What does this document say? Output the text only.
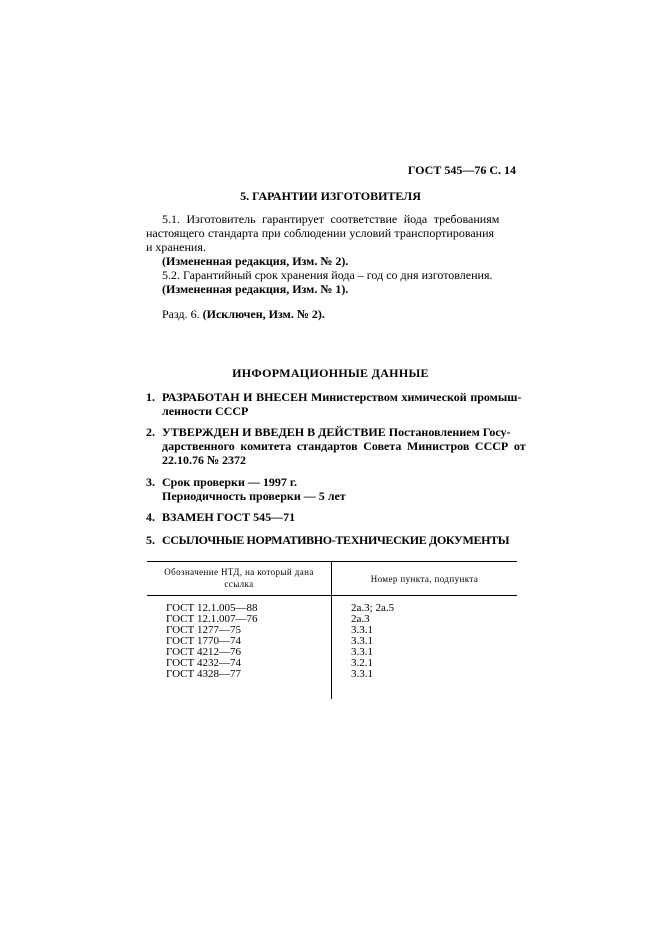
ГОСТ 545—76 С. 14
5. ГАРАНТИИ ИЗГОТОВИТЕЛЯ
5.1. Изготовитель гарантирует соответствие йода требованиям
настоящего стандарта при соблюдении условий транспортирования
и хранения.
(Измененная редакция, Изм. № 2).
5.2. Гарантийный срок хранения йода – год со дня изготовления.
(Измененная редакция, Изм. № 1).
Разд. 6. (Исключен, Изм. № 2).
ИНФОРМАЦИОННЫЕ ДАННЫЕ
1. РАЗРАБОТАН И ВНЕСЕН Министерством химической промыш-
ленности СССР
2. УТВЕРЖДЕН И ВВЕДЕН В ДЕЙСТВИЕ Постановлением Госу-
дарственного комитета стандартов Совета Министров СССР от
22.10.76 № 2372
3. Срок проверки — 1997 г.
Периодичность проверки — 5 лет
4. ВЗАМЕН ГОСТ 545—71
5. ССЫЛОЧНЫЕ НОРМАТИВНО-ТЕХНИЧЕСКИЕ ДОКУМЕНТЫ
Обозначение НТД, на который дана
ссылка	Номер пункта, подпункта
ГОСТ 12.1.005—88	2а.3; 2а.5
ГОСТ 12.1.007—76	2а.3
ГОСТ 1277—75	3.3.1
ГОСТ 1770—74	3.3.1
ГОСТ 4212—76	3.3.1
ГОСТ 4232—74	3.2.1
ГОСТ 4328—77	3.3.1
